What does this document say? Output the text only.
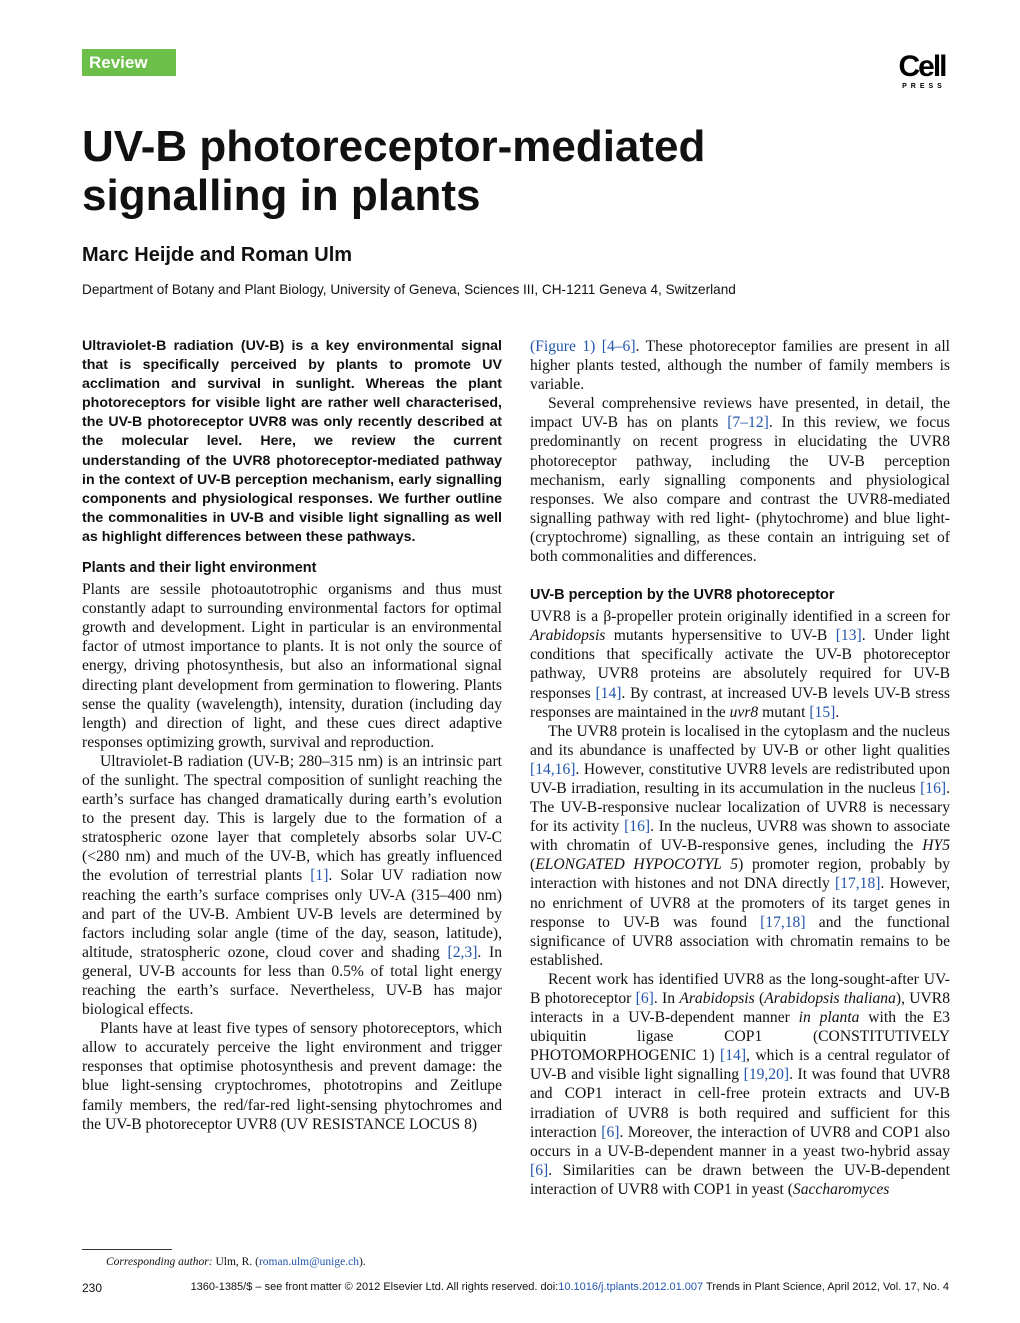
Review	Cell
PRESS
UV-B photoreceptor-mediated signalling in plants

Marc Heijde and Roman Ulm

Department of Botany and Plant Biology, University of Geneva, Sciences III, CH-1211 Geneva 4, Switzerland

Ultraviolet-B radiation (UV-B) is a key environmental signal that is specifically perceived by plants to promote UV acclimation and survival in sunlight. Whereas the plant photoreceptors for visible light are rather well characterised, the UV-B photoreceptor UVR8 was only recently described at the molecular level. Here, we review the current understanding of the UVR8 photoreceptor-mediated pathway in the context of UV-B perception mechanism, early signalling components and physiological responses. We further outline the commonalities in UV-B and visible light signalling as well as highlight differences between these pathways.

Plants and their light environment

Plants are sessile photoautotrophic organisms and thus must constantly adapt to surrounding environmental factors for optimal growth and development. Light in particular is an environmental factor of utmost importance to plants. It is not only the source of energy, driving photosynthesis, but also an informational signal directing plant development from germination to flowering. Plants sense the quality (wavelength), intensity, duration (including day length) and direction of light, and these cues direct adaptive responses optimizing growth, survival and reproduction.

Ultraviolet-B radiation (UV-B; 280–315 nm) is an intrinsic part of the sunlight. The spectral composition of sunlight reaching the earth’s surface has changed dramatically during earth’s evolution to the present day. This is largely due to the formation of a stratospheric ozone layer that completely absorbs solar UV-C (<280 nm) and much of the UV-B, which has greatly influenced the evolution of terrestrial plants [1]. Solar UV radiation now reaching the earth’s surface comprises only UV-A (315–400 nm) and part of the UV-B. Ambient UV-B levels are determined by factors including solar angle (time of the day, season, latitude), altitude, stratospheric ozone, cloud cover and shading [2,3]. In general, UV-B accounts for less than 0.5% of total light energy reaching the earth’s surface. Nevertheless, UV-B has major biological effects.

Plants have at least five types of sensory photoreceptors, which allow to accurately perceive the light environment and trigger responses that optimise photosynthesis and prevent damage: the blue light-sensing cryptochromes, phototropins and Zeitlupe family members, the red/far-red light-sensing phytochromes and the UV-B photoreceptor UVR8 (UV RESISTANCE LOCUS 8)

(Figure 1) [4–6]. These photoreceptor families are present in all higher plants tested, although the number of family members is variable.

Several comprehensive reviews have presented, in detail, the impact UV-B has on plants [7–12]. In this review, we focus predominantly on recent progress in elucidating the UVR8 photoreceptor pathway, including the UV-B perception mechanism, early signalling components and physiological responses. We also compare and contrast the UVR8-mediated signalling pathway with red light- (phytochrome) and blue light- (cryptochrome) signalling, as these contain an intriguing set of both commonalities and differences.

UV-B perception by the UVR8 photoreceptor

UVR8 is a β-propeller protein originally identified in a screen for Arabidopsis mutants hypersensitive to UV-B [13]. Under light conditions that specifically activate the UV-B photoreceptor pathway, UVR8 proteins are absolutely required for UV-B responses [14]. By contrast, at increased UV-B levels UV-B stress responses are maintained in the uvr8 mutant [15].

The UVR8 protein is localised in the cytoplasm and the nucleus and its abundance is unaffected by UV-B or other light qualities [14,16]. However, constitutive UVR8 levels are redistributed upon UV-B irradiation, resulting in its accumulation in the nucleus [16]. The UV-B-responsive nuclear localization of UVR8 is necessary for its activity [16]. In the nucleus, UVR8 was shown to associate with chromatin of UV-B-responsive genes, including the HY5 (ELONGATED HYPOCOTYL 5) promoter region, probably by interaction with histones and not DNA directly [17,18]. However, no enrichment of UVR8 at the promoters of its target genes in response to UV-B was found [17,18] and the functional significance of UVR8 association with chromatin remains to be established.

Recent work has identified UVR8 as the long-sought-after UV-B photoreceptor [6]. In Arabidopsis (Arabidopsis thaliana), UVR8 interacts in a UV-B-dependent manner in planta with the E3 ubiquitin ligase COP1 (CONSTITUTIVELY PHOTOMORPHOGENIC 1) [14], which is a central regulator of UV-B and visible light signalling [19,20]. It was found that UVR8 and COP1 interact in cell-free protein extracts and UV-B irradiation of UVR8 is both required and sufficient for this interaction [6]. Moreover, the interaction of UVR8 and COP1 also occurs in a UV-B-dependent manner in a yeast two-hybrid assay [6]. Similarities can be drawn between the UV-B-dependent interaction of UVR8 with COP1 in yeast (Saccharomyces

Corresponding author: Ulm, R. (roman.ulm@unige.ch).

230	1360-1385/$ – see front matter © 2012 Elsevier Ltd. All rights reserved. doi:10.1016/j.tplants.2012.01.007 Trends in Plant Science, April 2012, Vol. 17, No. 4
